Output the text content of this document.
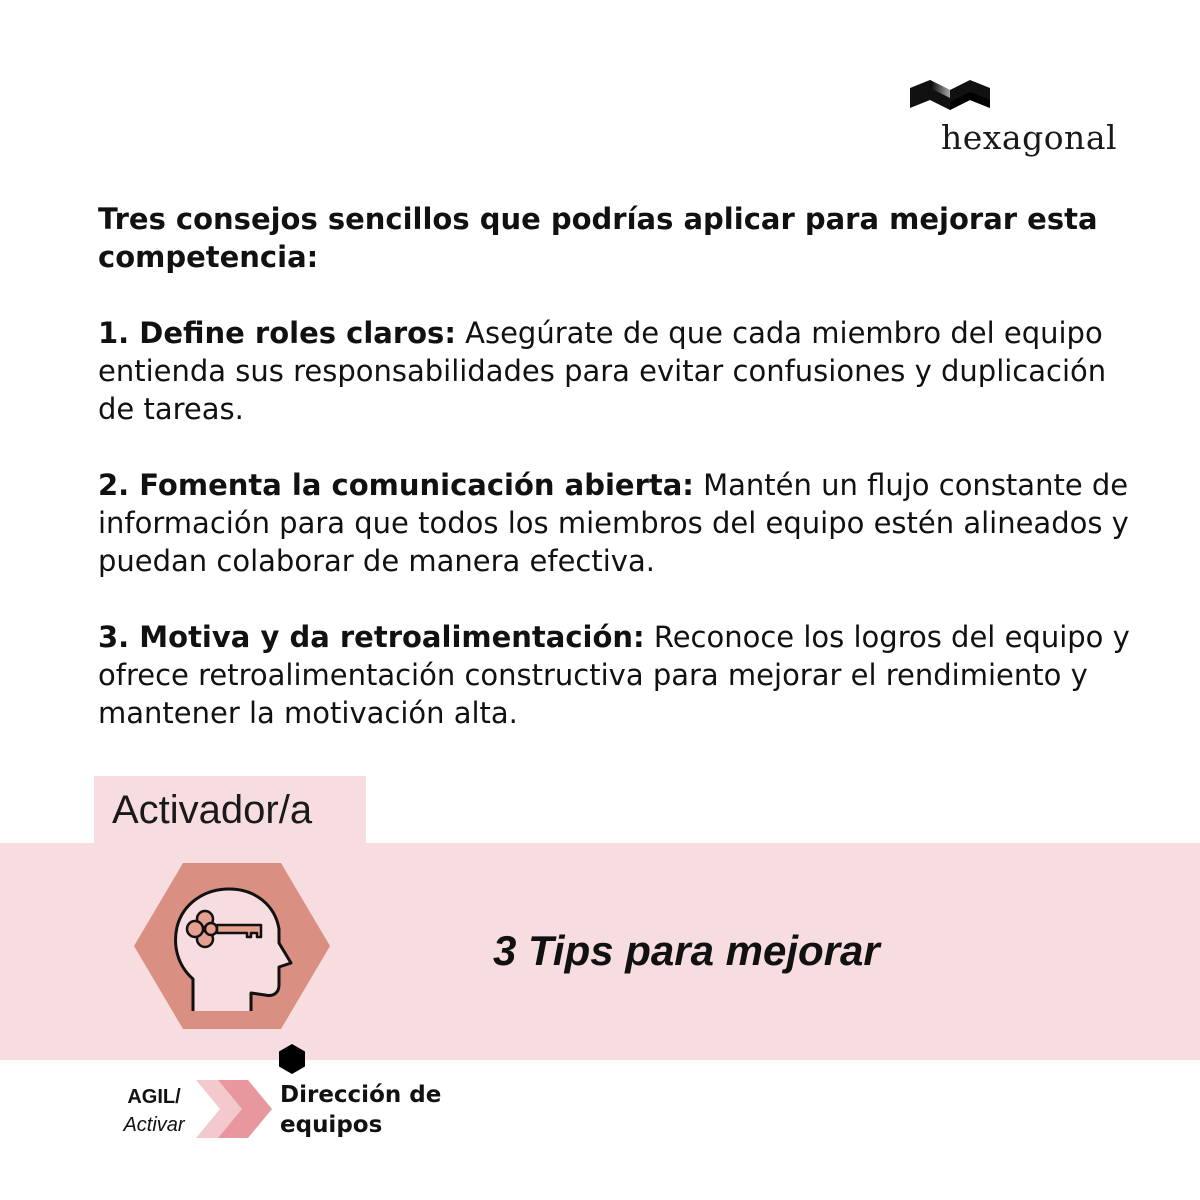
hexagonal

Tres consejos sencillos que podrías aplicar para mejorar esta competencia:

1. Define roles claros: Asegúrate de que cada miembro del equipo entienda sus responsabilidades para evitar confusiones y duplicación de tareas.

2. Fomenta la comunicación abierta: Mantén un flujo constante de información para que todos los miembros del equipo estén alineados y puedan colaborar de manera efectiva.

3. Motiva y da retroalimentación: Reconoce los logros del equipo y ofrece retroalimentación constructiva para mejorar el rendimiento y mantener la motivación alta.

Activador/a
3 Tips para mejorar
AGIL/
Activar
Dirección de equipos
